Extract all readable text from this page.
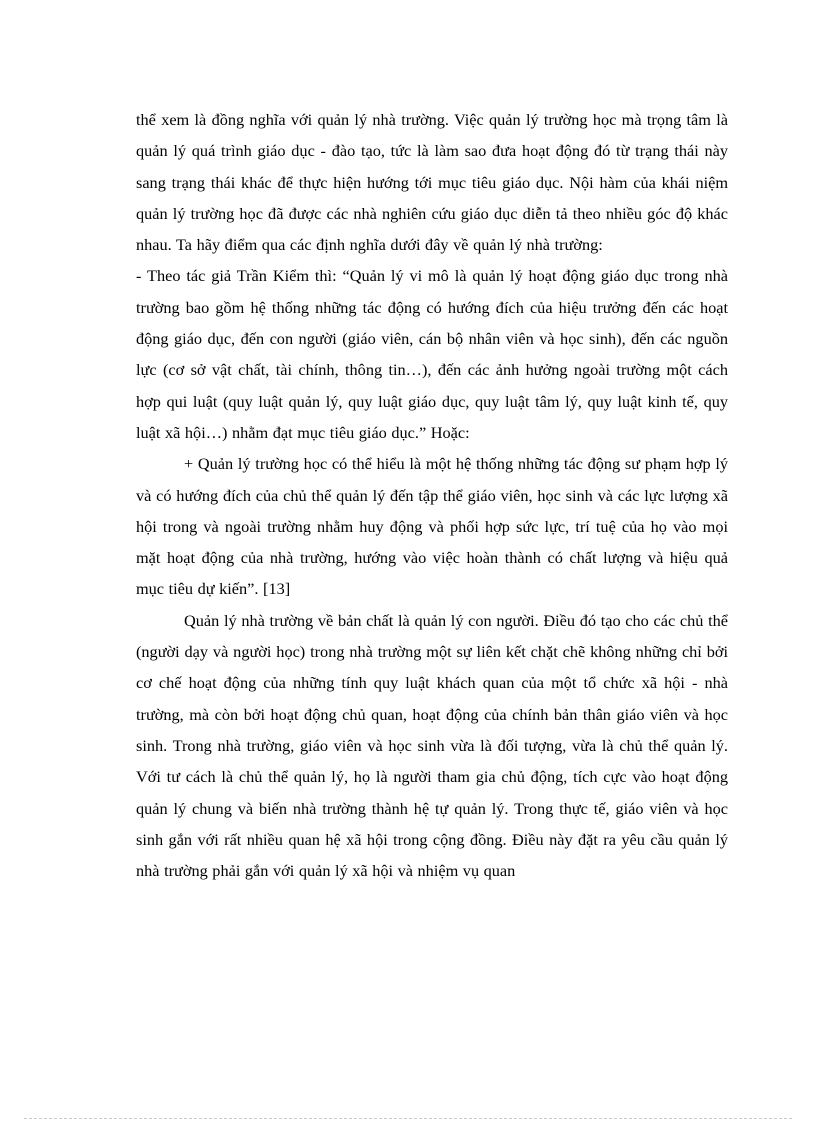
thể xem là đồng nghĩa với quản lý nhà trường. Việc quản lý trường học mà trọng tâm là quản lý quá trình giáo dục - đào tạo, tức là làm sao đưa hoạt động đó từ trạng thái này sang trạng thái khác để thực hiện hướng tới mục tiêu giáo dục. Nội hàm của khái niệm quản lý trường học đã được các nhà nghiên cứu giáo dục diễn tả theo nhiều góc độ khác nhau. Ta hãy điểm qua các định nghĩa dưới đây về quản lý nhà trường:

- Theo tác giả Trần Kiểm thì: “Quản lý vi mô là quản lý hoạt động giáo dục trong nhà trường bao gồm hệ thống những tác động có hướng đích của hiệu trưởng đến các hoạt động giáo dục, đến con người (giáo viên, cán bộ nhân viên và học sinh), đến các nguồn lực (cơ sở vật chất, tài chính, thông tin…), đến các ảnh hưởng ngoài trường một cách hợp qui luật (quy luật quản lý, quy luật giáo dục, quy luật tâm lý, quy luật kinh tế, quy luật xã hội…) nhằm đạt mục tiêu giáo dục.” Hoặc:

+ Quản lý trường học có thể hiểu là một hệ thống những tác động sư phạm hợp lý và có hướng đích của chủ thể quản lý đến tập thể giáo viên, học sinh và các lực lượng xã hội trong và ngoài trường nhằm huy động và phối hợp sức lực, trí tuệ của họ vào mọi mặt hoạt động của nhà trường, hướng vào việc hoàn thành có chất lượng và hiệu quả mục tiêu dự kiến”. [13]

Quản lý nhà trường về bản chất là quản lý con người. Điều đó tạo cho các chủ thể (người dạy và người học) trong nhà trường một sự liên kết chặt chẽ không những chỉ bởi cơ chế hoạt động của những tính quy luật khách quan của một tổ chức xã hội - nhà trường, mà còn bởi hoạt động chủ quan, hoạt động của chính bản thân giáo viên và học sinh. Trong nhà trường, giáo viên và học sinh vừa là đối tượng, vừa là chủ thể quản lý. Với tư cách là chủ thể quản lý, họ là người tham gia chủ động, tích cực vào hoạt động quản lý chung và biến nhà trường thành hệ tự quản lý. Trong thực tế, giáo viên và học sinh gắn với rất nhiều quan hệ xã hội trong cộng đồng. Điều này đặt ra yêu cầu quản lý nhà trường phải gắn với quản lý xã hội và nhiệm vụ quan
